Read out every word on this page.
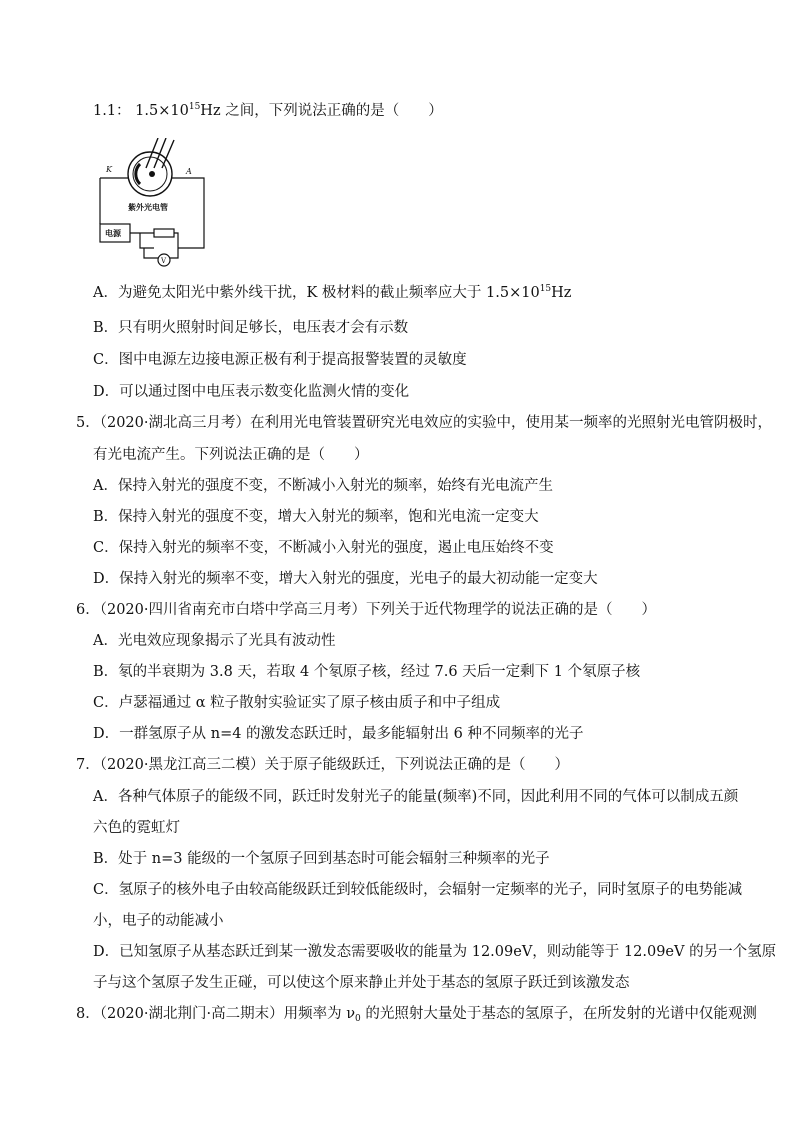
1.1： $1.5\times 10^{15}Hz$ 之间，下列说法正确的是（　　）
K	A
紫外光电管
电源
V
A．为避免太阳光中紫外线干扰，K 极材料的截止频率应大于 $1.5\times 10^{15}Hz$
B．只有明火照射时间足够长，电压表才会有示数
C．图中电源左边接电源正极有利于提高报警装置的灵敏度
D．可以通过图中电压表示数变化监测火情的变化
5．（2020·湖北高三月考）在利用光电管装置研究光电效应的实验中，使用某一频率的光照射光电管阴极时，
有光电流产生。下列说法正确的是（　　）
A．保持入射光的强度不变，不断减小入射光的频率，始终有光电流产生
B．保持入射光的强度不变，增大入射光的频率，饱和光电流一定变大
C．保持入射光的频率不变，不断减小入射光的强度，遏止电压始终不变
D．保持入射光的频率不变，增大入射光的强度，光电子的最大初动能一定变大
6．（2020·四川省南充市白塔中学高三月考）下列关于近代物理学的说法正确的是（　　）
A．光电效应现象揭示了光具有波动性
B．氡的半衰期为 3.8 天，若取 4 个氡原子核，经过 7.6 天后一定剩下 1 个氡原子核
C．卢瑟福通过 α 粒子散射实验证实了原子核由质子和中子组成
D．一群氢原子从 n=4 的激发态跃迁时，最多能辐射出 6 种不同频率的光子
7．（2020·黑龙江高三二模）关于原子能级跃迁，下列说法正确的是（　　）
A．各种气体原子的能级不同，跃迁时发射光子的能量(频率)不同，因此利用不同的气体可以制成五颜
六色的霓虹灯
B．处于 n=3 能级的一个氢原子回到基态时可能会辐射三种频率的光子
C．氢原子的核外电子由较高能级跃迁到较低能级时，会辐射一定频率的光子，同时氢原子的电势能减
小，电子的动能减小
D．已知氢原子从基态跃迁到某一激发态需要吸收的能量为 12.09eV，则动能等于 12.09eV 的另一个氢原
子与这个氢原子发生正碰，可以使这个原来静止并处于基态的氢原子跃迁到该激发态
8．（2020·湖北荆门·高二期末）用频率为 $\nu_0$ 的光照射大量处于基态的氢原子，在所发射的光谱中仅能观测
